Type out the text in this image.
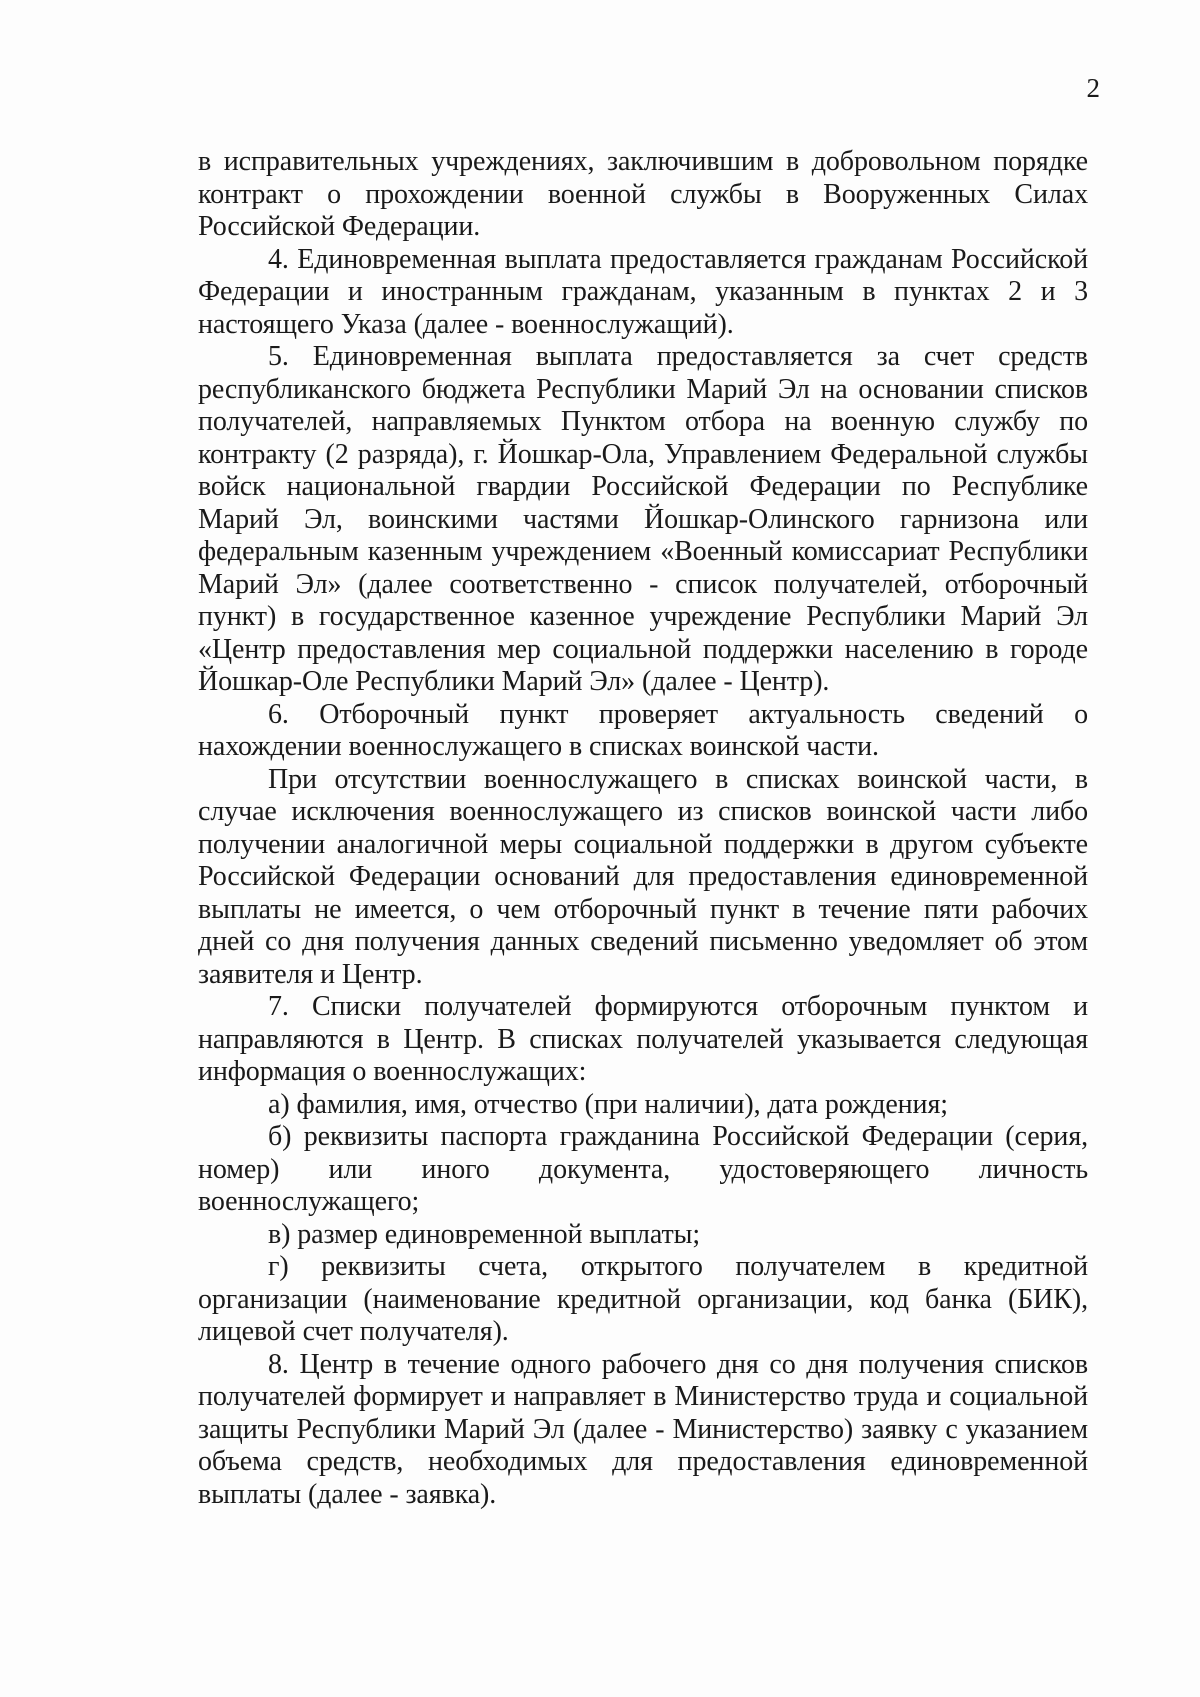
2

в исправительных учреждениях, заключившим в добровольном порядке контракт о прохождении военной службы в Вооруженных Силах Российской Федерации.

4. Единовременная выплата предоставляется гражданам Российской Федерации и иностранным гражданам, указанным в пунктах 2 и 3 настоящего Указа (далее - военнослужащий).

5. Единовременная выплата предоставляется за счет средств республиканского бюджета Республики Марий Эл на основании списков получателей, направляемых Пунктом отбора на военную службу по контракту (2 разряда), г. Йошкар-Ола, Управлением Федеральной службы войск национальной гвардии Российской Федерации по Республике Марий Эл, воинскими частями Йошкар-Олинского гарнизона или федеральным казенным учреждением «Военный комиссариат Республики Марий Эл» (далее соответственно - список получателей, отборочный пункт) в государственное казенное учреждение Республики Марий Эл «Центр предоставления мер социальной поддержки населению в городе Йошкар-Оле Республики Марий Эл» (далее - Центр).

6. Отборочный пункт проверяет актуальность сведений о нахождении военнослужащего в списках воинской части.

При отсутствии военнослужащего в списках воинской части, в случае исключения военнослужащего из списков воинской части либо получении аналогичной меры социальной поддержки в другом субъекте Российской Федерации оснований для предоставления единовременной выплаты не имеется, о чем отборочный пункт в течение пяти рабочих дней со дня получения данных сведений письменно уведомляет об этом заявителя и Центр.

7. Списки получателей формируются отборочным пунктом и направляются в Центр. В списках получателей указывается следующая информация о военнослужащих:

а) фамилия, имя, отчество (при наличии), дата рождения;

б) реквизиты паспорта гражданина Российской Федерации (серия, номер) или иного документа, удостоверяющего личность военнослужащего;

в) размер единовременной выплаты;

г) реквизиты счета, открытого получателем в кредитной организации (наименование кредитной организации, код банка (БИК), лицевой счет получателя).

8. Центр в течение одного рабочего дня со дня получения списков получателей формирует и направляет в Министерство труда и социальной защиты Республики Марий Эл (далее - Министерство) заявку с указанием объема средств, необходимых для предоставления единовременной выплаты (далее - заявка).
